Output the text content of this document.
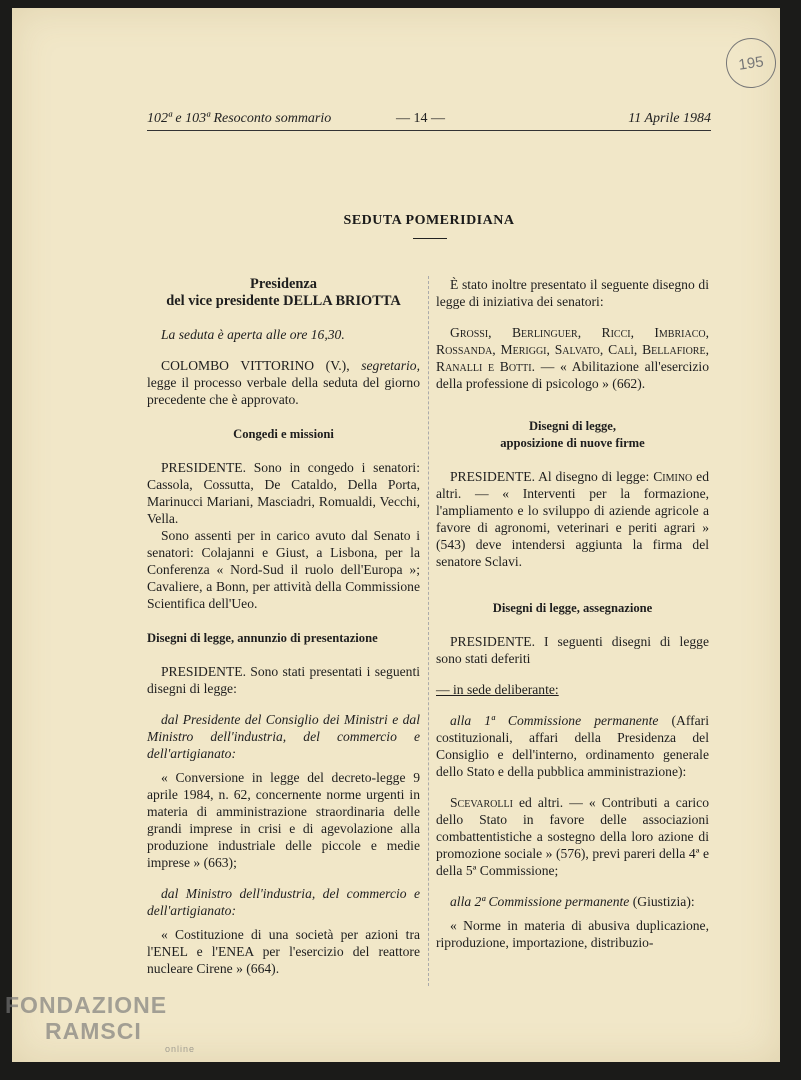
195
102ª e 103ª Resoconto sommario	— 14 —	11 Aprile 1984
SEDUTA POMERIDIANA
Presidenza
del vice presidente DELLA BRIOTTA

La seduta è aperta alle ore 16,30.

COLOMBO VITTORINO (V.), segretario, legge il processo verbale della seduta del giorno precedente che è approvato.

Congedi e missioni

PRESIDENTE. Sono in congedo i senatori: Cassola, Cossutta, De Cataldo, Della Porta, Marinucci Mariani, Masciadri, Romualdi, Vecchi, Vella.

Sono assenti per in carico avuto dal Senato i senatori: Colajanni e Giust, a Lisbona, per la Conferenza « Nord-Sud il ruolo dell'Europa »; Cavaliere, a Bonn, per attività della Commissione Scientifica dell'Ueo.

Disegni di legge, annunzio di presentazione

PRESIDENTE. Sono stati presentati i seguenti disegni di legge:

dal Presidente del Consiglio dei Ministri e dal Ministro dell'industria, del commercio e dell'artigianato:

« Conversione in legge del decreto-legge 9 aprile 1984, n. 62, concernente norme urgenti in materia di amministrazione straordinaria delle grandi imprese in crisi e di agevolazione alla produzione industriale delle piccole e medie imprese » (663);

dal Ministro dell'industria, del commercio e dell'artigianato:

« Costituzione di una società per azioni tra l'ENEL e l'ENEA per l'esercizio del reattore nucleare Cirene » (664).

È stato inoltre presentato il seguente disegno di legge di iniziativa dei senatori:

Grossi, Berlinguer, Ricci, Imbriaco, Rossanda, Meriggi, Salvato, Calì, Bellafiore, Ranalli e Botti. — « Abilitazione all'esercizio della professione di psicologo » (662).

Disegni di legge,
apposizione di nuove firme

PRESIDENTE. Al disegno di legge: Cimino ed altri. — « Interventi per la formazione, l'ampliamento e lo sviluppo di aziende agricole a favore di agronomi, veterinari e periti agrari » (543) deve intendersi aggiunta la firma del senatore Sclavi.

Disegni di legge, assegnazione

PRESIDENTE. I seguenti disegni di legge sono stati deferiti

— in sede deliberante:

alla 1ª Commissione permanente (Affari costituzionali, affari della Presidenza del Consiglio e dell'interno, ordinamento generale dello Stato e della pubblica amministrazione):

Scevarolli ed altri. — « Contributi a carico dello Stato in favore delle associazioni combattentistiche a sostegno della loro azione di promozione sociale » (576), previ pareri della 4ª e della 5ª Commissione;

alla 2ª Commissione permanente (Giustizia):

« Norme in materia di abusiva duplicazione, riproduzione, importazione, distribuzio-

FONDAZIONE
RAMSCI
online
